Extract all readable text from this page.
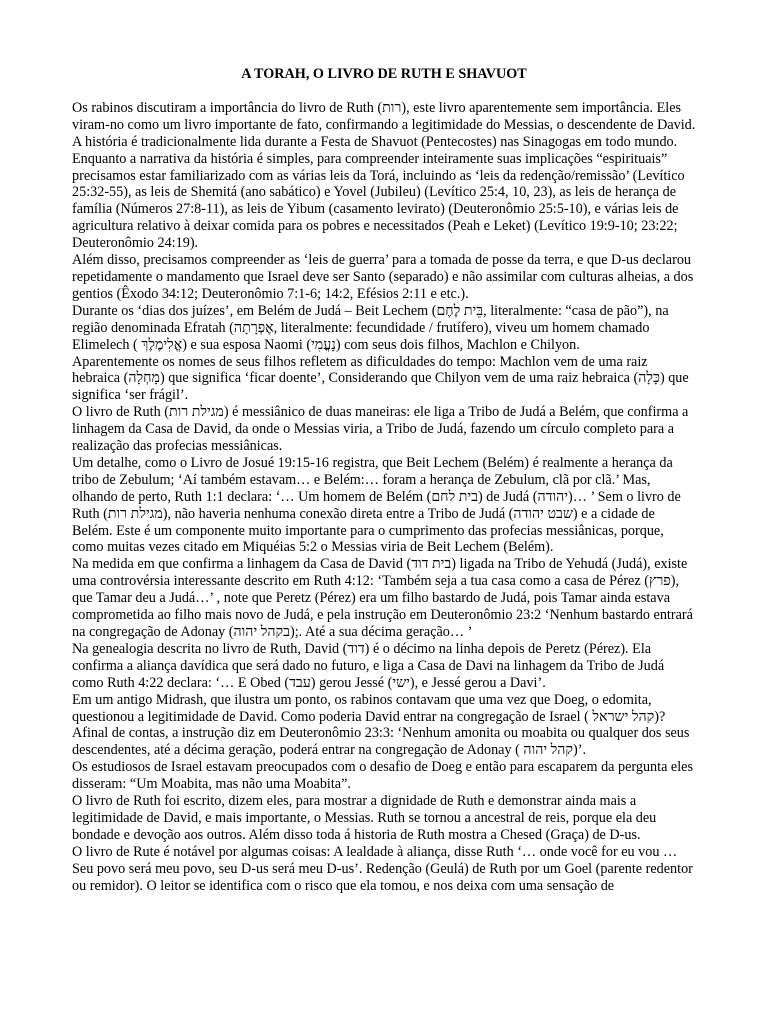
A TORAH, O LIVRO DE RUTH E SHAVUOT

Os rabinos discutiram a importância do livro de Ruth (רות), este livro aparentemente sem importância. Eles viram-no como um livro importante de fato, confirmando a legitimidade do Messias, o descendente de David. A história é tradicionalmente lida durante a Festa de Shavuot (Pentecostes) nas Sinagogas em todo mundo.

Enquanto a narrativa da história é simples, para compreender inteiramente suas implicações “espirituais” precisamos estar familiarizado com as várias leis da Torá, incluindo as ‘leis da redenção/remissão’ (Levítico 25:32-55), as leis de Shemitá (ano sabático) e Yovel (Jubileu) (Levítico 25:4, 10, 23), as leis de herança de família (Números 27:8-11), as leis de Yibum (casamento levirato) (Deuteronômio 25:5-10), e várias leis de agricultura relativo à deixar comida para os pobres e necessitados (Peah e Leket) (Levítico 19:9-10; 23:22; Deuteronômio 24:19).

Além disso, precisamos compreender as ‘leis de guerra’ para a tomada de posse da terra, e que D-us declarou repetidamente o mandamento que Israel deve ser Santo (separado) e não assimilar com culturas alheias, a dos gentios (Êxodo 34:12; Deuteronômio 7:1-6; 14:2, Efésios 2:11 e etc.).

Durante os ‘dias dos juízes’, em Belém de Judá – Beit Lechem (בֵּית לֶחֶם, literalmente: “casa de pão”), na região denominada Efratah (אֶפְרָתָה, literalmente: fecundidade / frutífero), viveu um homem chamado Elimelech ( אֱלִימֶלֶךְ) e sua esposa Naomi (נָעֳמִי) com seus dois filhos, Machlon e Chilyon.

Aparentemente os nomes de seus filhos refletem as dificuldades do tempo: Machlon vem de uma raiz hebraica (מָחְלָה) que significa ‘ficar doente’, Considerando que Chilyon vem de uma raiz hebraica (כָּלָה) que significa ‘ser frágil’.

O livro de Ruth (מגילת רות) é messiânico de duas maneiras: ele liga a Tribo de Judá a Belém, que confirma a linhagem da Casa de David, da onde o Messias viria, a Tribo de Judá, fazendo um círculo completo para a realização das profecias messiânicas.

Um detalhe, como o Livro de Josué 19:15-16 registra, que Beit Lechem (Belém) é realmente a herança da tribo de Zebulum; ‘Aí também estavam… e Belém:… foram a herança de Zebulum, clã por clã.’ Mas, olhando de perto, Ruth 1:1 declara: ‘… Um homem de Belém (בית לחם) de Judá (יהודה)… ’ Sem o livro de Ruth (מגילת רות), não haveria nenhuma conexão direta entre a Tribo de Judá (שבט יהודה) e a cidade de Belém. Este é um componente muito importante para o cumprimento das profecias messiânicas, porque, como muitas vezes citado em Miquéias 5:2 o Messias viria de Beit Lechem (Belém).

Na medida em que confirma a linhagem da Casa de David (בית דוד) ligada na Tribo de Yehudá (Judá), existe uma controvérsia interessante descrito em Ruth 4:12: ‘Também seja a tua casa como a casa de Pérez (פרץ), que Tamar deu a Judá…’ , note que Peretz (Pérez) era um filho bastardo de Judá, pois Tamar ainda estava comprometida ao filho mais novo de Judá, e pela instrução em Deuteronômio 23:2 ‘Nenhum bastardo entrará na congregação de Adonay (בקהל יהוה);. Até a sua décima geração… ’

Na genealogia descrita no livro de Ruth, David (דוד) é o décimo na linha depois de Peretz (Pérez). Ela confirma a aliança davídica que será dado no futuro, e liga a Casa de Davi na linhagem da Tribo de Judá como Ruth 4:22 declara: ‘… E Obed (עבד) gerou Jessé (ישי), e Jessé gerou a Davi’.

Em um antigo Midrash, que ilustra um ponto, os rabinos contavam que uma vez que Doeg, o edomita, questionou a legitimidade de David. Como poderia David entrar na congregação de Israel ( קהל ישראל)? Afinal de contas, a instrução diz em Deuteronômio 23:3: ‘Nenhum amonita ou moabita ou qualquer dos seus descendentes, até a décima geração, poderá entrar na congregação de Adonay ( קהל יהוה)’.

Os estudiosos de Israel estavam preocupados com o desafio de Doeg e então para escaparem da pergunta eles disseram: “Um Moabita, mas não uma Moabita”.

O livro de Ruth foi escrito, dizem eles, para mostrar a dignidade de Ruth e demonstrar ainda mais a legitimidade de David, e mais importante, o Messias. Ruth se tornou a ancestral de reis, porque ela deu bondade e devoção aos outros. Além disso toda á historia de Ruth mostra a Chesed (Graça) de D-us.

O livro de Rute é notável por algumas coisas: A lealdade à aliança, disse Ruth ‘… onde você for eu vou … Seu povo será meu povo, seu D-us será meu D-us’. Redenção (Geulá) de Ruth por um Goel (parente redentor ou remidor). O leitor se identifica com o risco que ela tomou, e nos deixa com uma sensação de
